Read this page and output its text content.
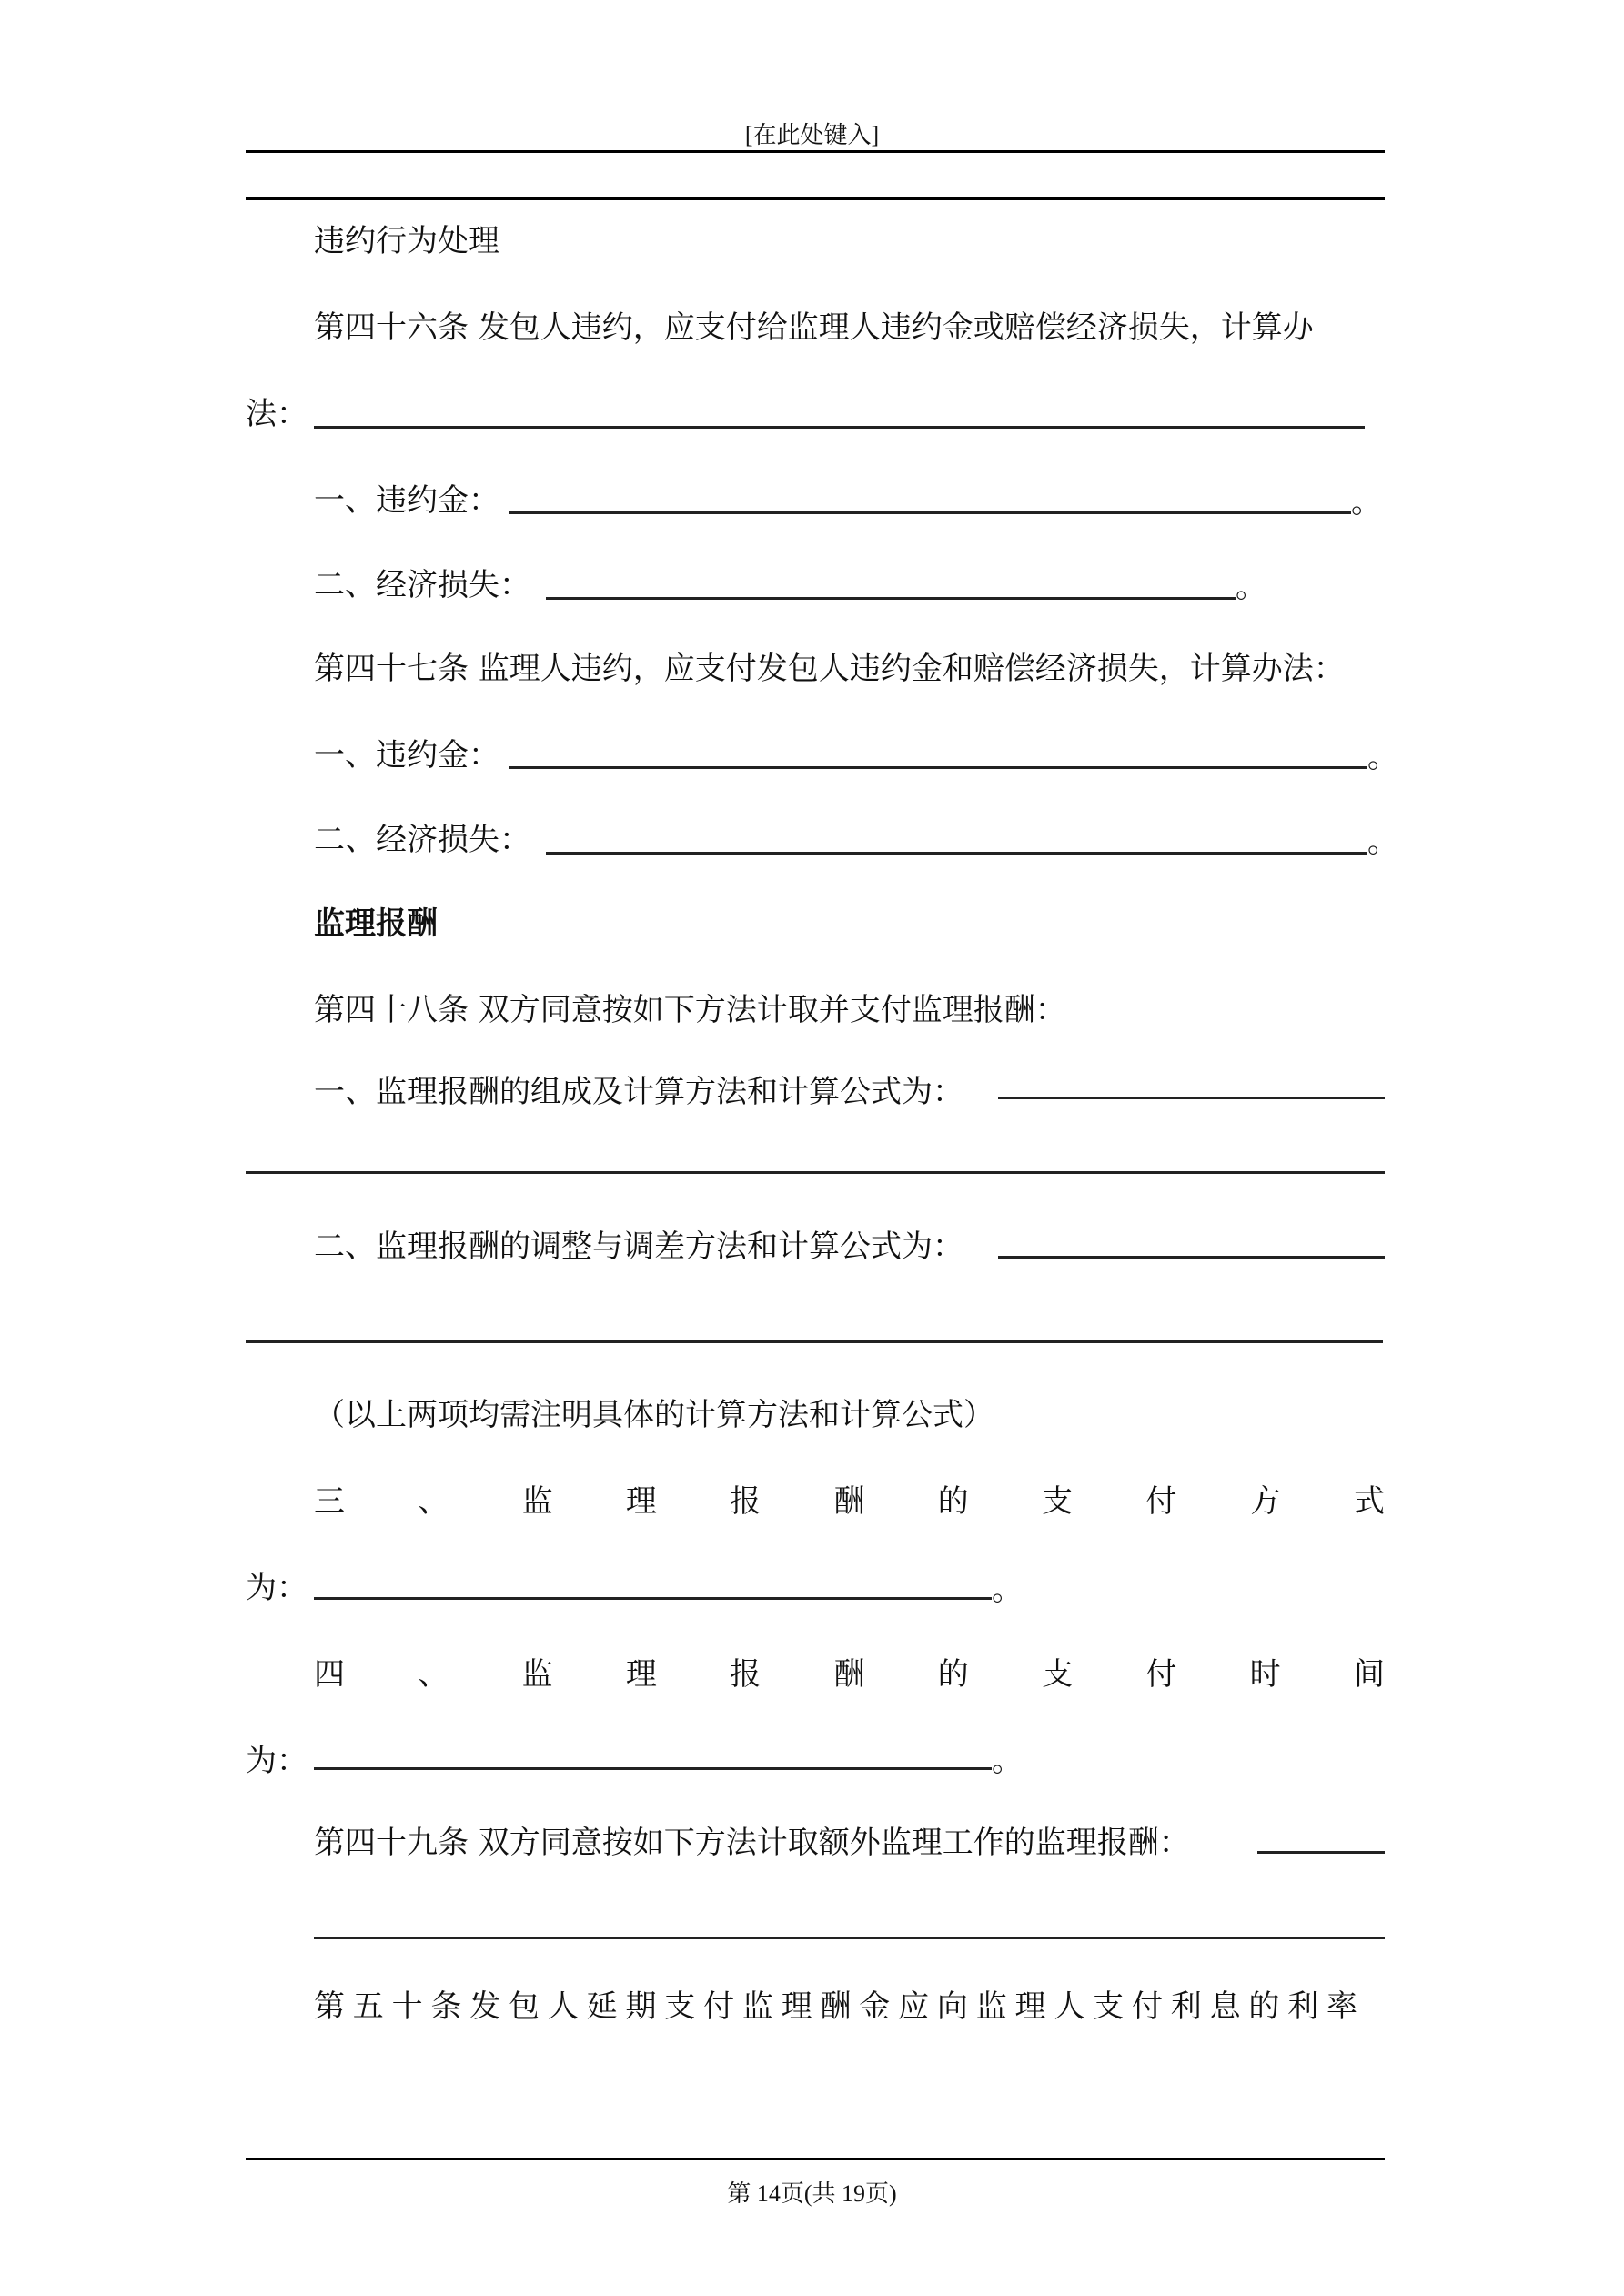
[在此处键入]
违约行为处理
第四十六条 发包人违约，应支付给监理人违约金或赔偿经济损失，计算办
法：
一、违约金：	。
二、经济损失：	。
第四十七条 监理人违约，应支付发包人违约金和赔偿经济损失，计算办法：
一、违约金：	。
二、经济损失：	。
监理报酬
第四十八条 双方同意按如下方法计取并支付监理报酬：
一、监理报酬的组成及计算方法和计算公式为：
二、监理报酬的调整与调差方法和计算公式为：
（以上两项均需注明具体的计算方法和计算公式）
三 、 监 理 报 酬 的 支 付 方 式
为：	。
四 、 监 理 报 酬 的 支 付 时 间
为：	。
第四十九条 双方同意按如下方法计取额外监理工作的监理报酬：
第 五 十 条 发 包 人 延 期 支 付 监 理 酬 金 应 向 监 理 人 支 付 利 息 的 利 率
第 14页(共 19页)
